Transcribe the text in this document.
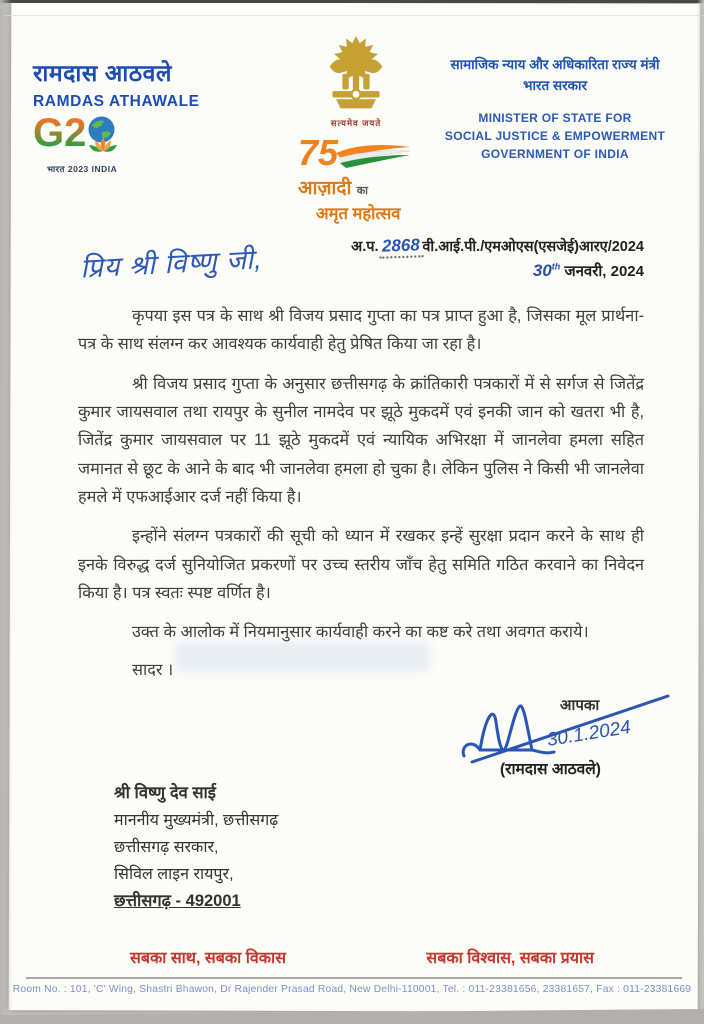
रामदास आठवले
RAMDAS ATHAWALE
G2
भारत 2023 INDIA
सत्यमेव जयते
75
आज़ादी का
अमृत महोत्सव
सामाजिक न्याय और अधिकारिता राज्य मंत्री
भारत सरकार
MINISTER OF STATE FOR
SOCIAL JUSTICE & EMPOWERMENT
GOVERNMENT OF INDIA
अ.प. 2868 वी.आई.पी./एमओएस(एसजेई)आरए/2024
30th जनवरी, 2024
प्रिय श्री विष्णु जी,

कृपया इस पत्र के साथ श्री विजय प्रसाद गुप्ता का पत्र प्राप्त हुआ है, जिसका मूल प्रार्थना-पत्र के साथ संलग्न कर आवश्यक कार्यवाही हेतु प्रेषित किया जा रहा है।

श्री विजय प्रसाद गुप्ता के अनुसार छत्तीसगढ़ के क्रांतिकारी पत्रकारों में से सर्गज से जितेंद्र कुमार जायसवाल तथा रायपुर के सुनील नामदेव पर झूठे मुकदमें एवं इनकी जान को खतरा भी है, जितेंद्र कुमार जायसवाल पर 11 झूठे मुकदमें एवं न्यायिक अभिरक्षा में जानलेवा हमला सहित जमानत से छूट के आने के बाद भी जानलेवा हमला हो चुका है। लेकिन पुलिस ने किसी भी जानलेवा हमले में एफआईआर दर्ज नहीं किया है।

इन्होंने संलग्न पत्रकारों की सूची को ध्यान में रखकर इन्हें सुरक्षा प्रदान करने के साथ ही इनके विरुद्ध दर्ज सुनियोजित प्रकरणों पर उच्च स्तरीय जाँच हेतु समिति गठित करवाने का निवेदन किया है। पत्र स्वतः स्पष्ट वर्णित है।

उक्त के आलोक में नियमानुसार कार्यवाही करने का कष्ट करे तथा अवगत कराये।

सादर ।
आपका
30.1.2024
(रामदास आठवले)
श्री विष्णु देव साई
माननीय मुख्यमंत्री, छत्तीसगढ़
छत्तीसगढ़ सरकार,
सिविल लाइन रायपुर,
छत्तीसगढ़ - 492001
सबका साथ, सबका विकास	सबका विश्वास, सबका प्रयास
Room No. : 101, 'C' Wing, Shastri Bhawon, Dr Rajender Prasad Road, New Delhi-110001, Tel. : 011-23381656, 23381657, Fax : 011-23381669
